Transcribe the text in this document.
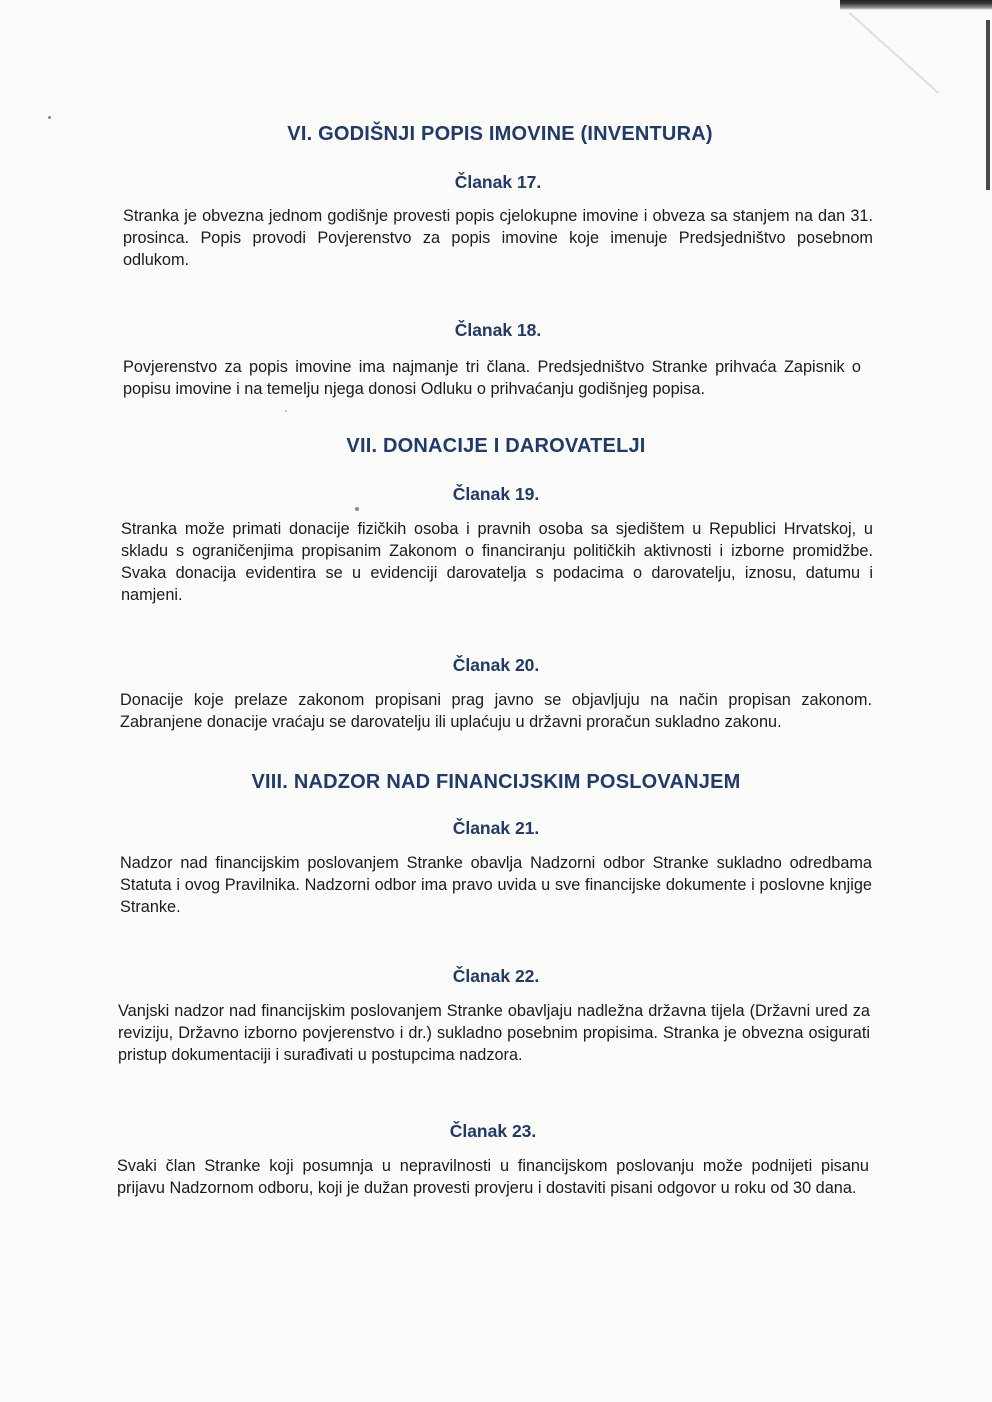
VI. GODIŠNJI POPIS IMOVINE (INVENTURA)
Članak 17.

Stranka je obvezna jednom godišnje provesti popis cjelokupne imovine i obveza sa stanjem na dan 31. prosinca. Popis provodi Povjerenstvo za popis imovine koje imenuje Predsjedništvo posebnom odlukom.

Članak 18.

Povjerenstvo za popis imovine ima najmanje tri člana. Predsjedništvo Stranke prihvaća Zapisnik o popisu imovine i na temelju njega donosi Odluku o prihvaćanju godišnjeg popisa.

VII. DONACIJE I DAROVATELJI
Članak 19.

Stranka može primati donacije fizičkih osoba i pravnih osoba sa sjedištem u Republici Hrvatskoj, u skladu s ograničenjima propisanim Zakonom o financiranju političkih aktivnosti i izborne promidžbe. Svaka donacija evidentira se u evidenciji darovatelja s podacima o darovatelju, iznosu, datumu i namjeni.

Članak 20.

Donacije koje prelaze zakonom propisani prag javno se objavljuju na način propisan zakonom. Zabranjene donacije vraćaju se darovatelju ili uplaćuju u državni proračun sukladno zakonu.

VIII. NADZOR NAD FINANCIJSKIM POSLOVANJEM
Članak 21.

Nadzor nad financijskim poslovanjem Stranke obavlja Nadzorni odbor Stranke sukladno odredbama Statuta i ovog Pravilnika. Nadzorni odbor ima pravo uvida u sve financijske dokumente i poslovne knjige Stranke.

Članak 22.

Vanjski nadzor nad financijskim poslovanjem Stranke obavljaju nadležna državna tijela (Državni ured za reviziju, Državno izborno povjerenstvo i dr.) sukladno posebnim propisima. Stranka je obvezna osigurati pristup dokumentaciji i surađivati u postupcima nadzora.

Članak 23.

Svaki član Stranke koji posumnja u nepravilnosti u financijskom poslovanju može podnijeti pisanu prijavu Nadzornom odboru, koji je dužan provesti provjeru i dostaviti pisani odgovor u roku od 30 dana.
